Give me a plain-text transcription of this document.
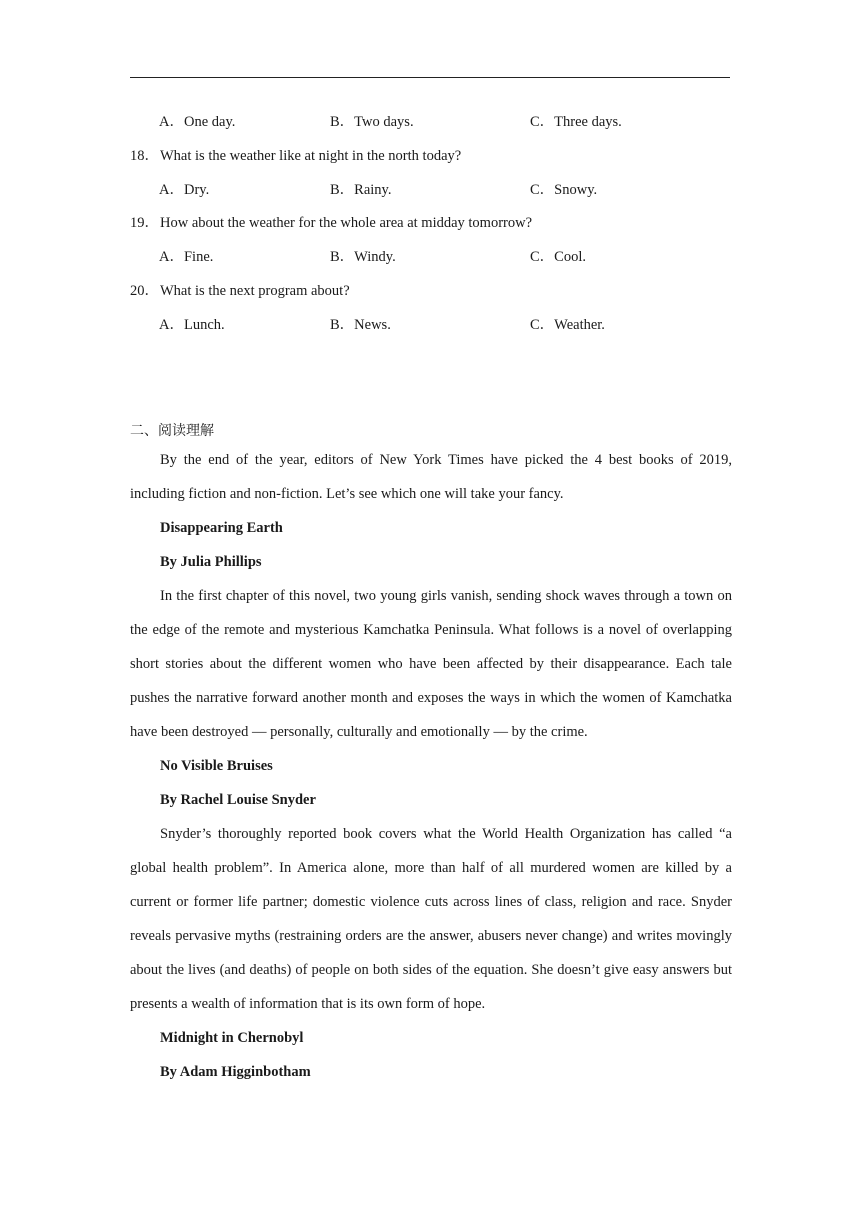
A．One day.	B．Two days.	C．Three days.
18．What is the weather like at night in the north today?
A．Dry.	B．Rainy.	C．Snowy.
19．How about the weather for the whole area at midday tomorrow?
A．Fine.	B．Windy.	C．Cool.
20．What is the next program about?
A．Lunch.	B．News.	C．Weather.
二、阅读理解

By the end of the year, editors of New York Times have picked the 4 best books of 2019, including fiction and non-fiction. Let’s see which one will take your fancy.

Disappearing Earth

By Julia Phillips

In the first chapter of this novel, two young girls vanish, sending shock waves through a town on the edge of the remote and mysterious Kamchatka Peninsula. What follows is a novel of overlapping short stories about the different women who have been affected by their disappearance. Each tale pushes the narrative forward another month and exposes the ways in which the women of Kamchatka have been destroyed — personally, culturally and emotionally — by the crime.

No Visible Bruises

By Rachel Louise Snyder

Snyder’s thoroughly reported book covers what the World Health Organization has called “a global health problem”. In America alone, more than half of all murdered women are killed by a current or former life partner; domestic violence cuts across lines of class, religion and race. Snyder reveals pervasive myths (restraining orders are the answer, abusers never change) and writes movingly about the lives (and deaths) of people on both sides of the equation. She doesn’t give easy answers but presents a wealth of information that is its own form of hope.

Midnight in Chernobyl

By Adam Higginbotham
